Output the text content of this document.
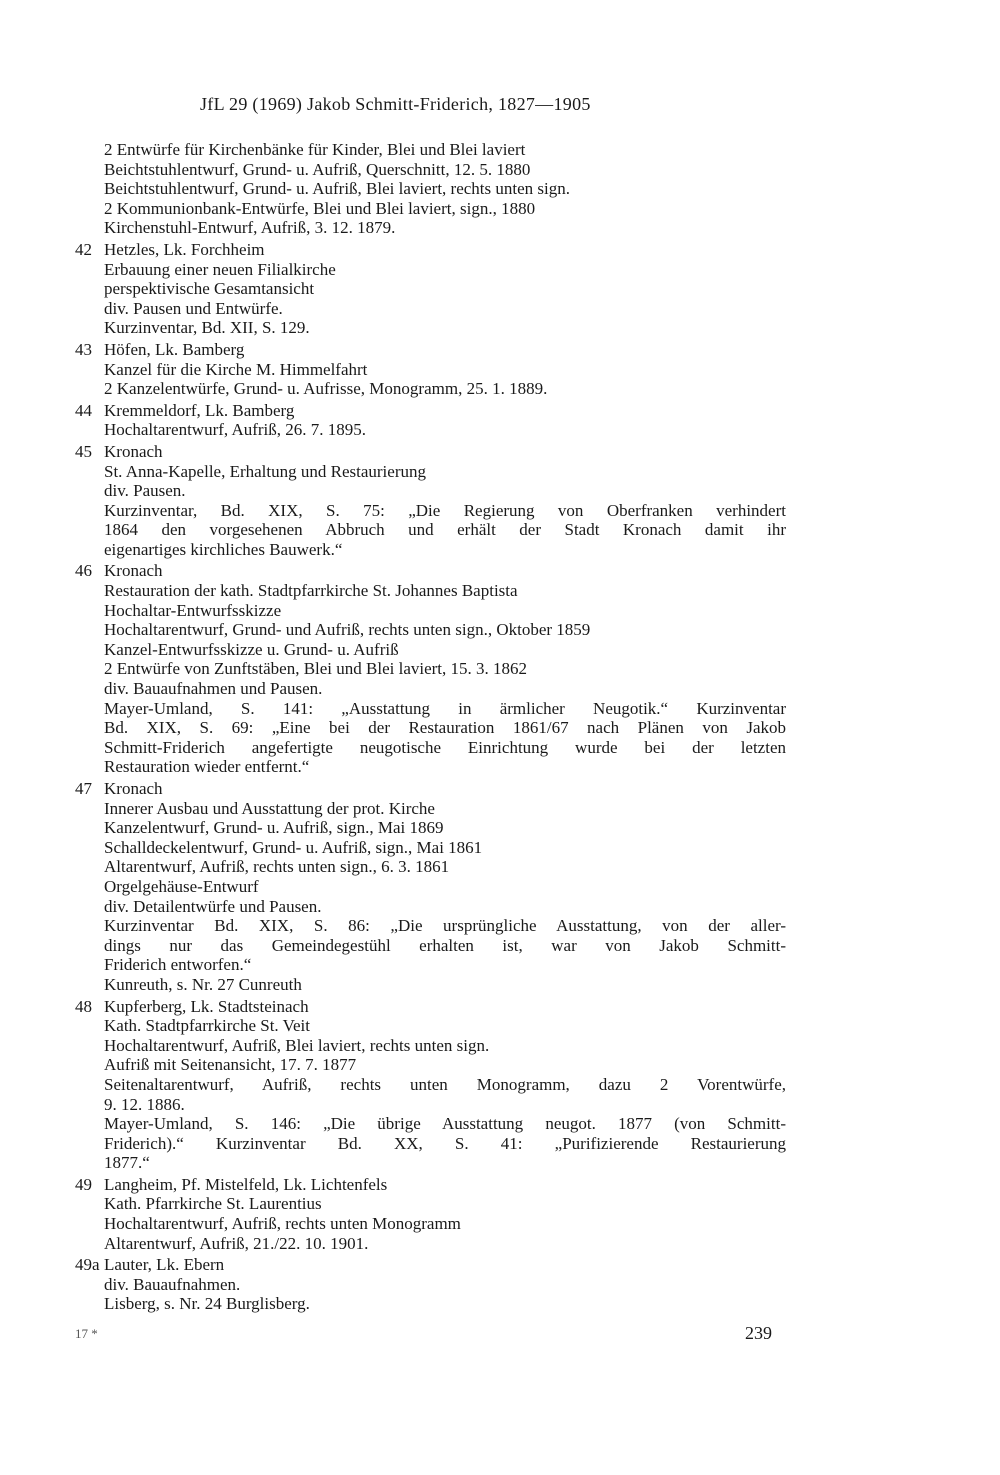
JfL 29 (1969) Jakob Schmitt-Friderich, 1827—1905
2 Entwürfe für Kirchenbänke für Kinder, Blei und Blei laviert
Beichtstuhlentwurf, Grund- u. Aufriß, Querschnitt, 12. 5. 1880
Beichtstuhlentwurf, Grund- u. Aufriß, Blei laviert, rechts unten sign.
2 Kommunionbank-Entwürfe, Blei und Blei laviert, sign., 1880
Kirchenstuhl-Entwurf, Aufriß, 3. 12. 1879.
42 Hetzles, Lk. Forchheim
Erbauung einer neuen Filialkirche
perspektivische Gesamtansicht
div. Pausen und Entwürfe.
Kurzinventar, Bd. XII, S. 129.
43 Höfen, Lk. Bamberg
Kanzel für die Kirche M. Himmelfahrt
2 Kanzelentwürfe, Grund- u. Aufrisse, Monogramm, 25. 1. 1889.
44 Kremmeldorf, Lk. Bamberg
Hochaltarentwurf, Aufriß, 26. 7. 1895.
45 Kronach
St. Anna-Kapelle, Erhaltung und Restaurierung
div. Pausen.
Kurzinventar, Bd. XIX, S. 75: „Die Regierung von Oberfranken verhindert
1864 den vorgesehenen Abbruch und erhält der Stadt Kronach damit ihr
eigenartiges kirchliches Bauwerk.“
46 Kronach
Restauration der kath. Stadtpfarrkirche St. Johannes Baptista
Hochaltar-Entwurfsskizze
Hochaltarentwurf, Grund- und Aufriß, rechts unten sign., Oktober 1859
Kanzel-Entwurfsskizze u. Grund- u. Aufriß
2 Entwürfe von Zunftstäben, Blei und Blei laviert, 15. 3. 1862
div. Bauaufnahmen und Pausen.
Mayer-Umland, S. 141: „Ausstattung in ärmlicher Neugotik.“ Kurzinventar
Bd. XIX, S. 69: „Eine bei der Restauration 1861/67 nach Plänen von Jakob
Schmitt-Friderich angefertigte neugotische Einrichtung wurde bei der letzten
Restauration wieder entfernt.“
47 Kronach
Innerer Ausbau und Ausstattung der prot. Kirche
Kanzelentwurf, Grund- u. Aufriß, sign., Mai 1869
Schalldeckelentwurf, Grund- u. Aufriß, sign., Mai 1861
Altarentwurf, Aufriß, rechts unten sign., 6. 3. 1861
Orgelgehäuse-Entwurf
div. Detailentwürfe und Pausen.
Kurzinventar Bd. XIX, S. 86: „Die ursprüngliche Ausstattung, von der aller-
dings nur das Gemeindegestühl erhalten ist, war von Jakob Schmitt-
Friderich entworfen.“
Kunreuth, s. Nr. 27 Cunreuth
48 Kupferberg, Lk. Stadtsteinach
Kath. Stadtpfarrkirche St. Veit
Hochaltarentwurf, Aufriß, Blei laviert, rechts unten sign.
Aufriß mit Seitenansicht, 17. 7. 1877
Seitenaltarentwurf, Aufriß, rechts unten Monogramm, dazu 2 Vorentwürfe,
9. 12. 1886.
Mayer-Umland, S. 146: „Die übrige Ausstattung neugot. 1877 (von Schmitt-
Friderich).“ Kurzinventar Bd. XX, S. 41: „Purifizierende Restaurierung
1877.“
49 Langheim, Pf. Mistelfeld, Lk. Lichtenfels
Kath. Pfarrkirche St. Laurentius
Hochaltarentwurf, Aufriß, rechts unten Monogramm
Altarentwurf, Aufriß, 21./22. 10. 1901.
49a Lauter, Lk. Ebern
div. Bauaufnahmen.
Lisberg, s. Nr. 24 Burglisberg.
17 *	239
